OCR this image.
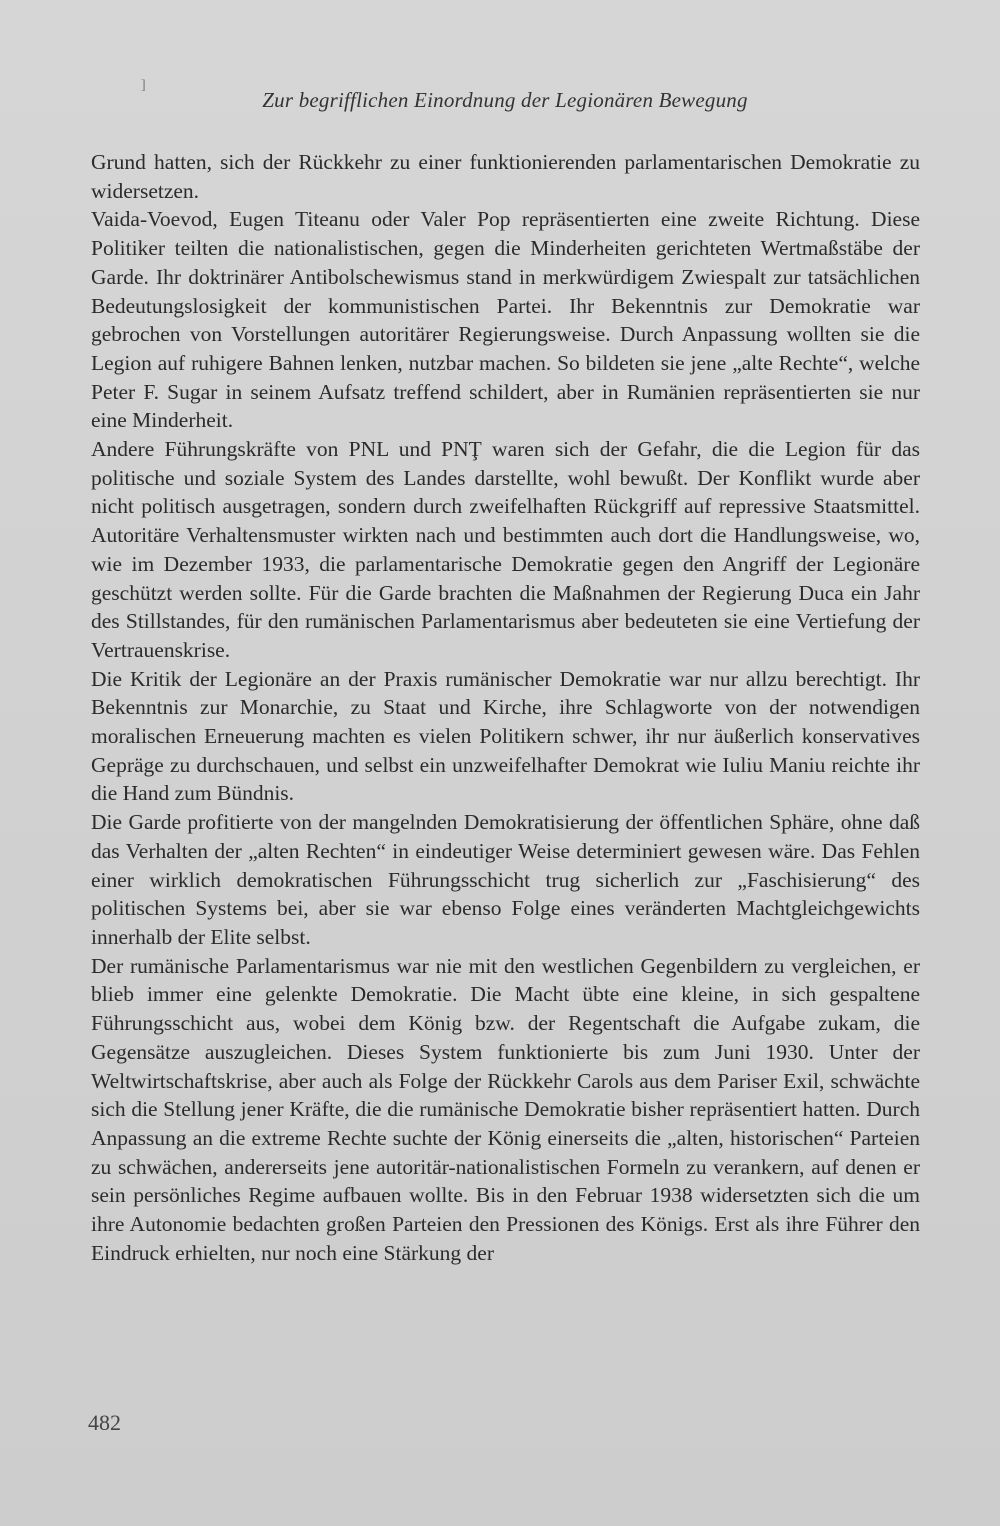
]
Zur begrifflichen Einordnung der Legionären Bewegung

Grund hatten, sich der Rückkehr zu einer funktionierenden parlamentarischen Demokratie zu widersetzen.

Vaida-Voevod, Eugen Titeanu oder Valer Pop repräsentierten eine zweite Richtung. Diese Politiker teilten die nationalistischen, gegen die Minderheiten gerichteten Wertmaßstäbe der Garde. Ihr doktrinärer Antibolschewismus stand in merkwürdigem Zwiespalt zur tatsächlichen Bedeutungslosigkeit der kommunistischen Partei. Ihr Bekenntnis zur Demokratie war gebrochen von Vorstellungen autoritärer Regierungsweise. Durch Anpassung wollten sie die Legion auf ruhigere Bahnen lenken, nutzbar machen. So bildeten sie jene „alte Rechte“, welche Peter F. Sugar in seinem Aufsatz treffend schildert, aber in Rumänien repräsentierten sie nur eine Minderheit.

Andere Führungskräfte von PNL und PNŢ waren sich der Gefahr, die die Legion für das politische und soziale System des Landes darstellte, wohl bewußt. Der Konflikt wurde aber nicht politisch ausgetragen, sondern durch zweifelhaften Rückgriff auf repressive Staatsmittel. Autoritäre Verhaltensmuster wirkten nach und bestimmten auch dort die Handlungsweise, wo, wie im Dezember 1933, die parlamentarische Demokratie gegen den Angriff der Legionäre geschützt werden sollte. Für die Garde brachten die Maßnahmen der Regierung Duca ein Jahr des Stillstandes, für den rumänischen Parlamentarismus aber bedeuteten sie eine Vertiefung der Vertrauenskrise.

Die Kritik der Legionäre an der Praxis rumänischer Demokratie war nur allzu berechtigt. Ihr Bekenntnis zur Monarchie, zu Staat und Kirche, ihre Schlagworte von der notwendigen moralischen Erneuerung machten es vielen Politikern schwer, ihr nur äußerlich konservatives Gepräge zu durchschauen, und selbst ein unzweifelhafter Demokrat wie Iuliu Maniu reichte ihr die Hand zum Bündnis.

Die Garde profitierte von der mangelnden Demokratisierung der öffentlichen Sphäre, ohne daß das Verhalten der „alten Rechten“ in eindeutiger Weise determiniert gewesen wäre. Das Fehlen einer wirklich demokratischen Führungsschicht trug sicherlich zur „Faschisierung“ des politischen Systems bei, aber sie war ebenso Folge eines veränderten Machtgleichgewichts innerhalb der Elite selbst.

Der rumänische Parlamentarismus war nie mit den westlichen Gegenbildern zu vergleichen, er blieb immer eine gelenkte Demokratie. Die Macht übte eine kleine, in sich gespaltene Führungsschicht aus, wobei dem König bzw. der Regentschaft die Aufgabe zukam, die Gegensätze auszugleichen. Dieses System funktionierte bis zum Juni 1930. Unter der Weltwirtschaftskrise, aber auch als Folge der Rückkehr Carols aus dem Pariser Exil, schwächte sich die Stellung jener Kräfte, die die rumänische Demokratie bisher repräsentiert hatten. Durch Anpassung an die extreme Rechte suchte der König einerseits die „alten, historischen“ Parteien zu schwächen, andererseits jene autoritär-nationalistischen Formeln zu verankern, auf denen er sein persönliches Regime aufbauen wollte. Bis in den Februar 1938 widersetzten sich die um ihre Autonomie bedachten großen Parteien den Pressionen des Königs. Erst als ihre Führer den Eindruck erhielten, nur noch eine Stärkung der

482
